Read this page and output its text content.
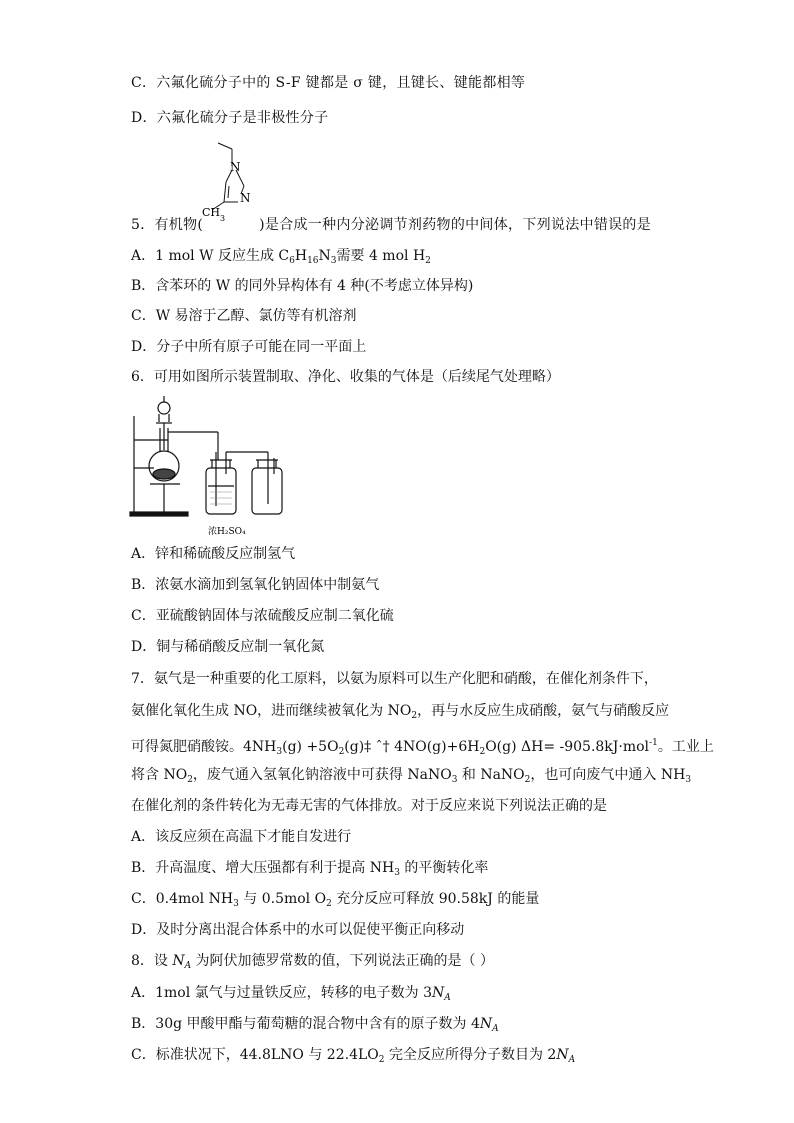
C．六氟化硫分子中的 S-F 键都是 σ 键，且键长、键能都相等
D．六氟化硫分子是非极性分子
N
N
CH 3
5．有机物(	)是合成一种内分泌调节剂药物的中间体，下列说法中错误的是
A．1 mol W 反应生成 $C_6H_{16}N_3$需要 4 mol $H_2$
B．含苯环的 W 的同外异构体有 4 种(不考虑立体异构)
C．W 易溶于乙醇、氯仿等有机溶剂
D．分子中所有原子可能在同一平面上
6．可用如图所示装置制取、净化、收集的气体是（后续尾气处理略）
浓H₂SO₄
A．锌和稀硫酸反应制氢气
B．浓氨水滴加到氢氧化钠固体中制氨气
C．亚硫酸钠固体与浓硫酸反应制二氧化硫
D．铜与稀硝酸反应制一氧化氮
7．氨气是一种重要的化工原料，以氨为原料可以生产化肥和硝酸，在催化剂条件下，
氨催化氧化生成 NO，进而继续被氧化为 $NO_2$，再与水反应生成硝酸，氨气与硝酸反应
可得氮肥硝酸铵。$4NH_3(g)$ $+5O_2(g)\ddagger$ ˆ† $4NO(g)+6H_2O(g)$ ΔH= -905.8kJ·mol$^{-1}$。工业上
将含 $NO_2$，废气通入氢氧化钠溶液中可获得 NaNO$_3$ 和 NaNO$_2$，也可向废气中通入 $NH_3$
在催化剂的条件转化为无毒无害的气体排放。对于反应来说下列说法正确的是
A．该反应须在高温下才能自发进行
B．升高温度、增大压强都有利于提高 $NH_3$ 的平衡转化率
C．0.4mol $NH_3$ 与 0.5mol $O_2$ 充分反应可释放 90.58kJ 的能量
D．及时分离出混合体系中的水可以促使平衡正向移动
8．设 $N_A$ 为阿伏加德罗常数的值，下列说法正确的是（ ）
A．1mol 氯气与过量铁反应，转移的电子数为 $3N_A$
B．30g 甲酸甲酯与葡萄糖的混合物中含有的原子数为 $4N_A$
C．标准状况下，44.8LNO 与 $22.4LO_2$ 完全反应所得分子数目为 $2N_A$
